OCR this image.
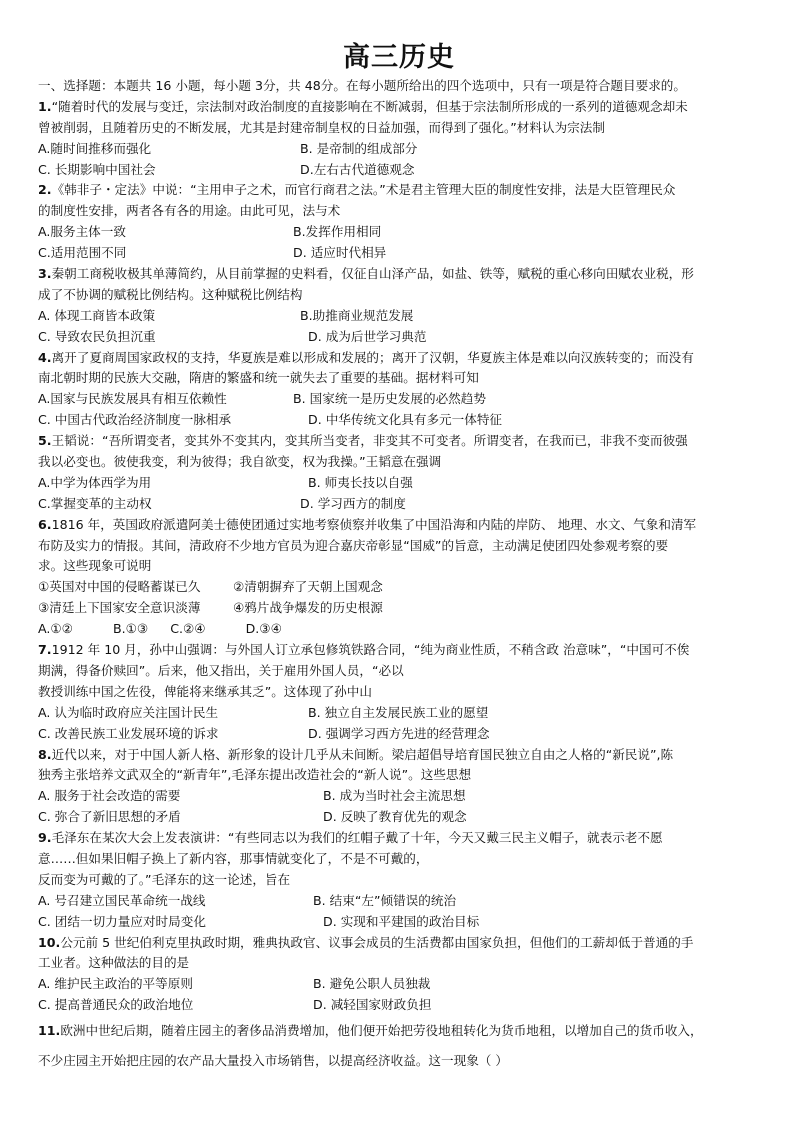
高三历史
一、选择题：本题共 16 小题，每小题 3分，共 48分。在每小题所给出的四个选项中，只有一项是符合题目要求的。
1.“随着时代的发展与变迁，宗法制对政治制度的直接影响在不断减弱，但基于宗法制所形成的一系列的道德观念却未
曾被削弱，且随着历史的不断发展，尤其是封建帝制皇权的日益加强，而得到了强化。”材料认为宗法制
A.随时间推移而强化	B. 是帝制的组成部分
C. 长期影响中国社会	D.左右古代道德观念
2.《韩非子・定法》中说：“主用申子之术，而官行商君之法。”术是君主管理大臣的制度性安排，法是大臣管理民众
的制度性安排，两者各有各的用途。由此可见，法与术
A.服务主体一致	B.发挥作用相同
C.适用范围不同	D. 适应时代相异
3.秦朝工商税收极其单薄简约，从目前掌握的史料看，仅征自山泽产品，如盐、铁等，赋税的重心移向田赋农业税，形
成了不协调的赋税比例结构。这种赋税比例结构
A. 体现工商皆本政策	B.助推商业规范发展
C. 导致农民负担沉重	D. 成为后世学习典范
4.离开了夏商周国家政权的支持，华夏族是难以形成和发展的；离开了汉朝，华夏族主体是难以向汉族转变的；而没有
南北朝时期的民族大交融，隋唐的繁盛和统一就失去了重要的基础。据材料可知
A.国家与民族发展具有相互依赖性	B. 国家统一是历史发展的必然趋势
C. 中国古代政治经济制度一脉相承	D. 中华传统文化具有多元一体特征
5.王韬说：“吾所谓变者，变其外不变其内，变其所当变者，非变其不可变者。所谓变者，在我而已，非我不变而彼强
我以必变也。彼使我变，利为彼得；我自欲变，权为我操。”王韬意在强调
A.中学为体西学为用	B. 师夷长技以自强
C.掌握变革的主动权	D. 学习西方的制度
6.1816 年，英国政府派遣阿美士德使团通过实地考察侦察并收集了中国沿海和内陆的岸防、 地理、水文、气象和清军
布防及实力的情报。其间，清政府不少地方官员为迎合嘉庆帝彰显“国威”的旨意，主动满足使团四处参观考察的要
求。这些现象可说明
①英国对中国的侵略蓄谋已久	②清朝摒弃了天朝上国观念
③清廷上下国家安全意识淡薄	④鸦片战争爆发的历史根源
A.①②	B.①③ C.②④	D.③④
7.1912 年 10 月，孙中山强调：与外国人订立承包修筑铁路合同，“纯为商业性质，不稍含政 治意味”，“中国可不俟
期满，得备价赎回”。后来，他又指出，关于雇用外国人员，“必以
教授训练中国之佐役，俾能将来继承其乏”。这体现了孙中山
A. 认为临时政府应关注国计民生	B. 独立自主发展民族工业的愿望
C. 改善民族工业发展环境的诉求	D. 强调学习西方先进的经营理念
8.近代以来，对于中国人新人格、新形象的设计几乎从未间断。梁启超倡导培育国民独立自由之人格的“新民说”,陈
独秀主张培养文武双全的“新青年”,毛泽东提出改造社会的“新人说”。这些思想
A. 服务于社会改造的需要	B. 成为当时社会主流思想
C. 弥合了新旧思想的矛盾	D. 反映了教育优先的观念
9.毛泽东在某次大会上发表演讲：“有些同志以为我们的红帽子戴了十年，今天又戴三民主义帽子，就表示老不愿
意……但如果旧帽子换上了新内容，那事情就变化了，不是不可戴的，
反而变为可戴的了。”毛泽东的这一论述，旨在
A. 号召建立国民革命统一战线	B. 结束“左”倾错误的统治
C. 团结一切力量应对时局变化	D. 实现和平建国的政治目标
10.公元前 5 世纪伯利克里执政时期，雅典执政官、议事会成员的生活费都由国家负担，但他们的工薪却低于普通的手
工业者。这种做法的目的是
A. 维护民主政治的平等原则	B. 避免公职人员独裁
C. 提高普通民众的政治地位	D. 减轻国家财政负担
11.欧洲中世纪后期，随着庄园主的奢侈品消费增加，他们便开始把劳役地租转化为货币地租，以增加自己的货币收入，
不少庄园主开始把庄园的农产品大量投入市场销售，以提高经济收益。这一现象（ ）
